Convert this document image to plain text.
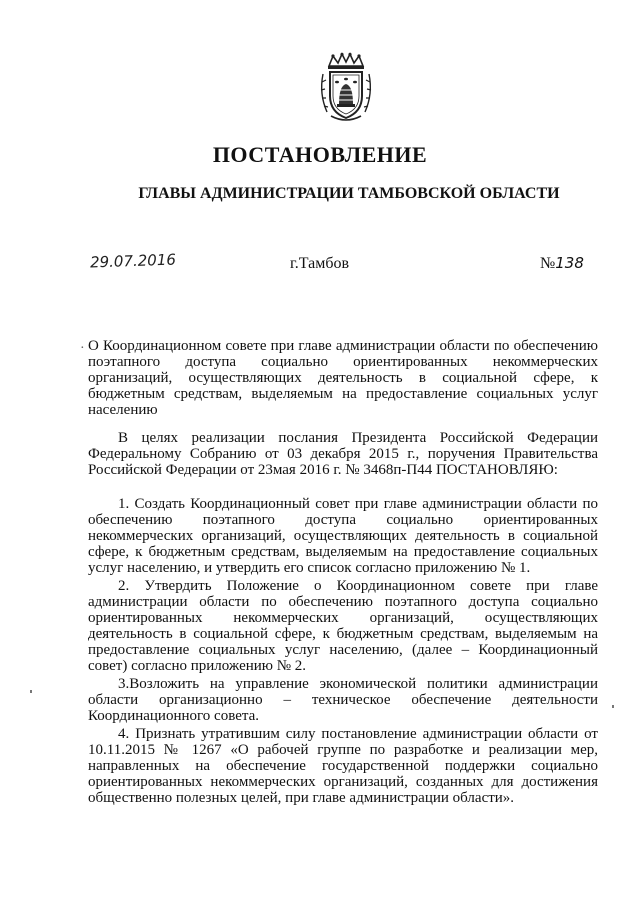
ПОСТАНОВЛЕНИЕ
ГЛАВЫ АДМИНИСТРАЦИИ ТАМБОВСКОЙ ОБЛАСТИ
29.07.2016	г.Тамбов	№138
· О Координационном совете при главе администрации области по обеспечению поэтапного доступа социально ориентированных некоммерческих организаций, осуществляющих деятельность в социальной сфере, к бюджетным средствам, выделяемым на предоставление социальных услуг населению

В целях реализации послания Президента Российской Федерации Федеральному Собранию от 03 декабря 2015 г., поручения Правительства Российской Федерации от 23мая 2016 г. № 3468п-П44 ПОСТАНОВЛЯЮ:

1. Создать Координационный совет при главе администрации области по обеспечению поэтапного доступа социально ориентированных некоммерческих организаций, осуществляющих деятельность в социальной сфере, к бюджетным средствам, выделяемым на предоставление социальных услуг населению, и утвердить его список согласно приложению № 1.

2. Утвердить Положение о Координационном совете при главе администрации области по обеспечению поэтапного доступа социально ориентированных некоммерческих организаций, осуществляющих деятельность в социальной сфере, к бюджетным средствам, выделяемым на предоставление социальных услуг населению, (далее – Координационный совет) согласно приложению № 2.

3.Возложить на управление экономической политики администрации области организационно – техническое обеспечение деятельности Координационного совета.

4. Признать утратившим силу постановление администрации области от 10.11.2015 № 1267 «О рабочей группе по разработке и реализации мер, направленных на обеспечение государственной поддержки социально ориентированных некоммерческих организаций, созданных для достижения общественно полезных целей, при главе администрации области».
